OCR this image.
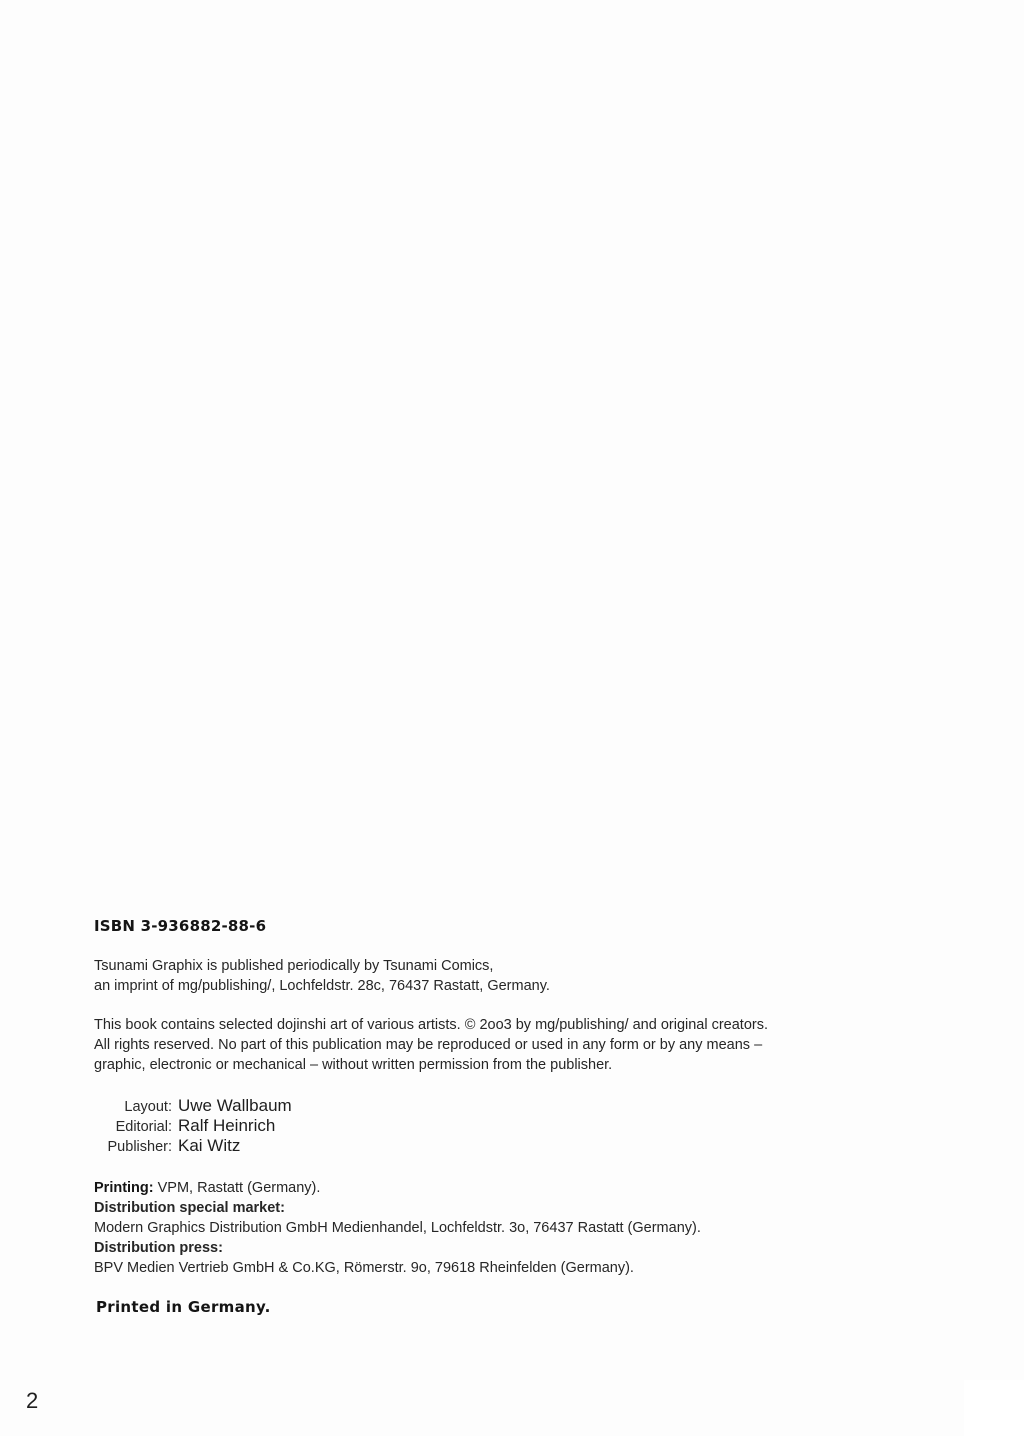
ISBN 3-936882-88-6

Tsunami Graphix is published periodically by Tsunami Comics,

an imprint of mg/publishing/, Lochfeldstr. 28c, 76437 Rastatt, Germany.

This book contains selected dojinshi art of various artists. © 2oo3 by mg/publishing/ and original creators.

All rights reserved. No part of this publication may be reproduced or used in any form or by any means –

graphic, electronic or mechanical – without written permission from the publisher.

Layout: Uwe Wallbaum
Editorial: Ralf Heinrich
Publisher: Kai Witz
Printing: VPM, Rastatt (Germany).
Distribution special market:
Modern Graphics Distribution GmbH Medienhandel, Lochfeldstr. 3o, 76437 Rastatt (Germany).
Distribution press:
BPV Medien Vertrieb GmbH & Co.KG, Römerstr. 9o, 79618 Rheinfelden (Germany).
Printed in Germany.
2
